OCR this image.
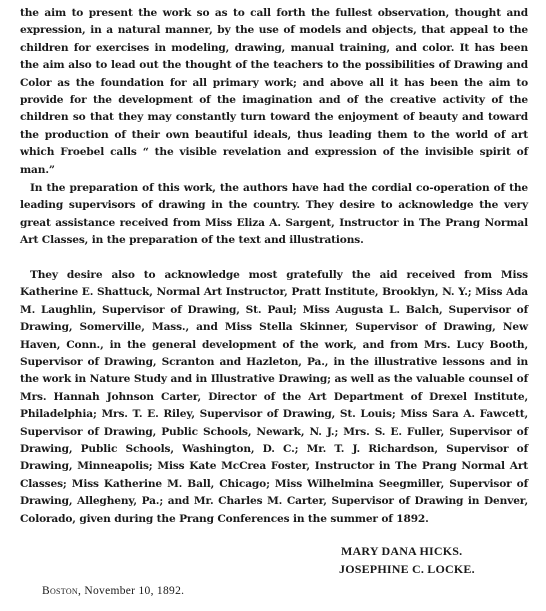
the aim to present the work so as to call forth the fullest observation, thought and expression, in a natural manner, by the use of models and objects, that appeal to the children for exercises in modeling, drawing, manual training, and color. It has been the aim also to lead out the thought of the teachers to the possibilities of Drawing and Color as the foundation for all primary work; and above all it has been the aim to provide for the development of the imagination and of the creative activity of the children so that they may constantly turn toward the enjoyment of beauty and toward the production of their own beautiful ideals, thus leading them to the world of art which Froebel calls “ the visible revelation and expression of the invisible spirit of man.”

In the preparation of this work, the authors have had the cordial co-operation of the leading supervisors of drawing in the country. They desire to acknowledge the very great assistance received from Miss Eliza A. Sargent, Instructor in The Prang Normal Art Classes, in the preparation of the text and illustrations.

They desire also to acknowledge most gratefully the aid received from Miss Katherine E. Shattuck, Normal Art Instructor, Pratt Institute, Brooklyn, N. Y.; Miss Ada M. Laughlin, Supervisor of Drawing, St. Paul; Miss Augusta L. Balch, Supervisor of Drawing, Somerville, Mass., and Miss Stella Skinner, Supervisor of Drawing, New Haven, Conn., in the general development of the work, and from Mrs. Lucy Booth, Supervisor of Drawing, Scranton and Hazleton, Pa., in the illustrative lessons and in the work in Nature Study and in Illustrative Drawing; as well as the valuable counsel of Mrs. Hannah Johnson Carter, Director of the Art Department of Drexel Institute, Philadelphia; Mrs. T. E. Riley, Supervisor of Drawing, St. Louis; Miss Sara A. Fawcett, Supervisor of Drawing, Public Schools, Newark, N. J.; Mrs. S. E. Fuller, Supervisor of Drawing, Public Schools, Washington, D. C.; Mr. T. J. Richardson, Supervisor of Drawing, Minneapolis; Miss Kate McCrea Foster, Instructor in The Prang Normal Art Classes; Miss Katherine M. Ball, Chicago; Miss Wilhelmina Seegmiller, Supervisor of Drawing, Allegheny, Pa.; and Mr. Charles M. Carter, Supervisor of Drawing in Denver, Colorado, given during the Prang Conferences in the summer of 1892.

MARY DANA HICKS.
JOSEPHINE C. LOCKE.
Boston, November 10, 1892.
